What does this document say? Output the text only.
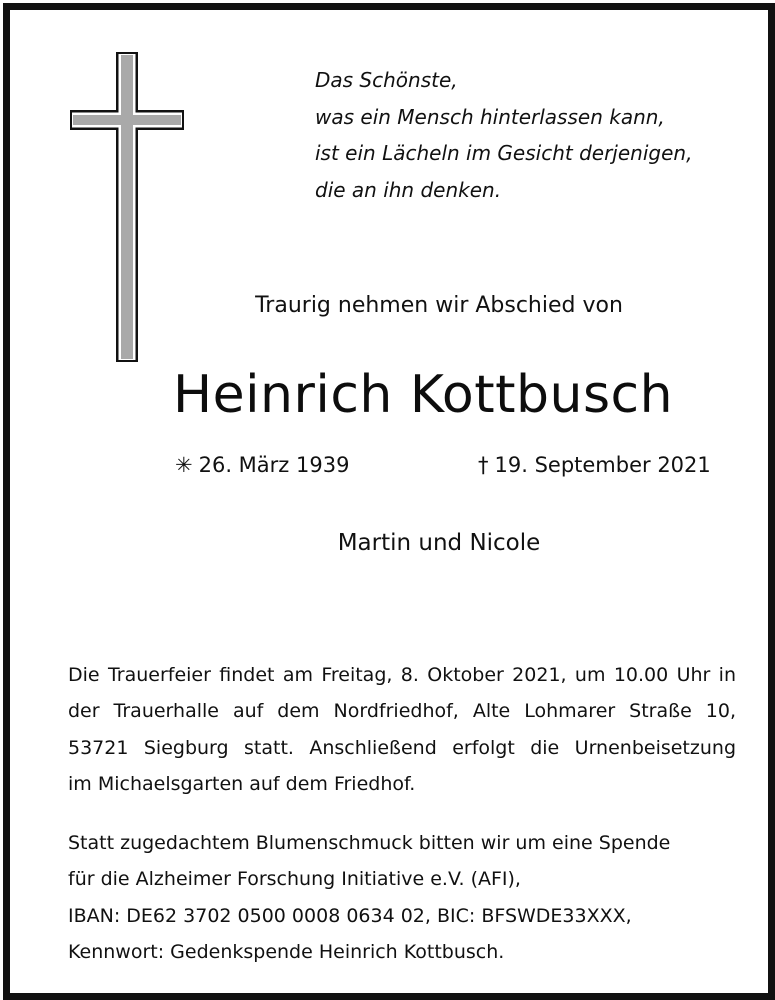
Das Schönste,
was ein Mensch hinterlassen kann,
ist ein Lächeln im Gesicht derjenigen,
die an ihn denken.

Traurig nehmen wir Abschied von
Heinrich Kottbusch
✳ 26. März 1939	† 19. September 2021
Martin und Nicole

Die Trauerfeier findet am Freitag, 8. Oktober 2021, um 10.00 Uhr in
der Trauerhalle auf dem Nordfriedhof, Alte Lohmarer Straße 10,
53721 Siegburg statt. Anschließend erfolgt die Urnenbeisetzung
im Michaelsgarten auf dem Friedhof.

Statt zugedachtem Blumenschmuck bitten wir um eine Spende
für die Alzheimer Forschung Initiative e.V. (AFI),
IBAN: DE62 3702 0500 0008 0634 02, BIC: BFSWDE33XXX,
Kennwort: Gedenkspende Heinrich Kottbusch.
